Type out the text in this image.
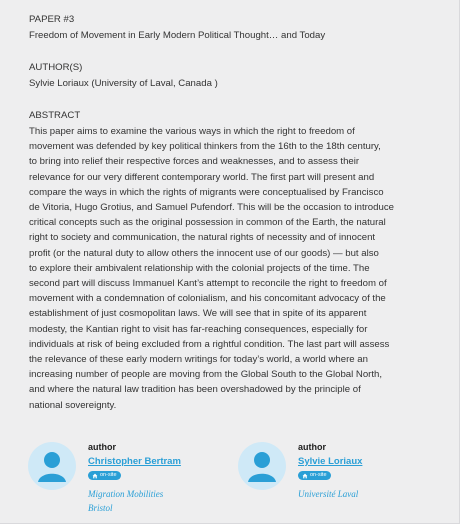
PAPER #3
Freedom of Movement in Early Modern Political Thought… and Today
AUTHOR(S)
Sylvie Loriaux (University of Laval, Canada )
ABSTRACT
This paper aims to examine the various ways in which the right to freedom of
movement was defended by key political thinkers from the 16th to the 18th century,
to bring into relief their respective forces and weaknesses, and to assess their
relevance for our very different contemporary world. The first part will present and
compare the ways in which the rights of migrants were conceptualised by Francisco
de Vitoria, Hugo Grotius, and Samuel Pufendorf. This will be the occasion to introduce
critical concepts such as the original possession in common of the Earth, the natural
right to society and communication, the natural rights of necessity and of innocent
profit (or the natural duty to allow others the innocent use of our goods) — but also
to explore their ambivalent relationship with the colonial projects of the time. The
second part will discuss Immanuel Kant’s attempt to reconcile the right to freedom of
movement with a condemnation of colonialism, and his concomitant advocacy of the
establishment of just cosmopolitan laws. We will see that in spite of its apparent
modesty, the Kantian right to visit has far-reaching consequences, especially for
individuals at risk of being excluded from a rightful condition. The last part will assess
the relevance of these early modern writings for today’s world, a world where an
increasing number of people are moving from the Global South to the Global North,
and where the natural law tradition has been overshadowed by the principle of
national sovereignty.
author
Christopher Bertram
on-site
Migration Mobilities
Bristol
author
Sylvie Loriaux
on-site
Université Laval
